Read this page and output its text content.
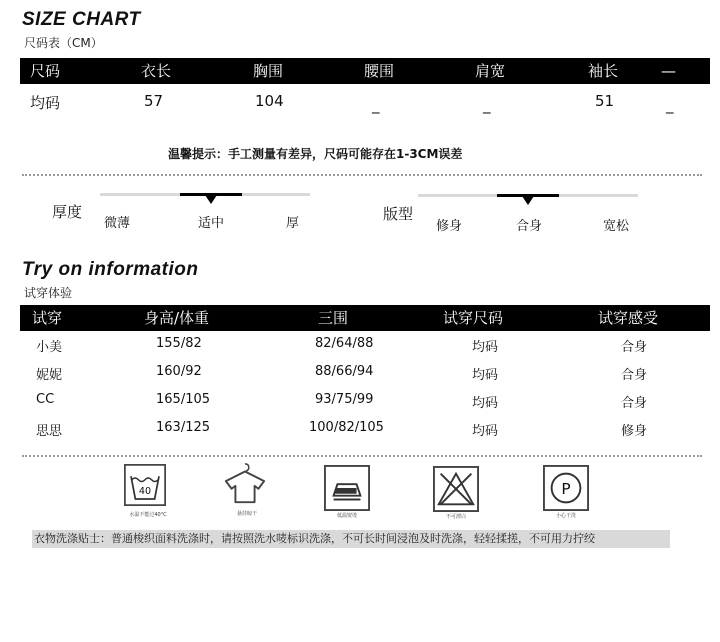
SIZE CHART
尺码表（CM）
尺码	衣长	胸围	腰围	肩宽	袖长	—
均码	57	104	_	_	51	_
温馨提示：手工测量有差异，尺码可能存在1-3CM误差
厚度
微薄	适中	厚
版型
修身	合身	宽松
Try on information
试穿体验
试穿	身高/体重	三围	试穿尺码	试穿感受
小美	155/82	82/64/88	均码	合身
妮妮	160/92	88/66/94	均码	合身
CC	165/105	93/75/99	均码	合身
思思	163/125	100/82/105	均码	修身
40
水温不能过40°C	悬挂晾干	低温熨烫	不可漂白
P
小心干洗
衣物洗涤贴士：普通梭织面料洗涤时，请按照洗水唛标识洗涤，不可长时间浸泡及时洗涤，轻轻揉搓，不可用力拧绞
